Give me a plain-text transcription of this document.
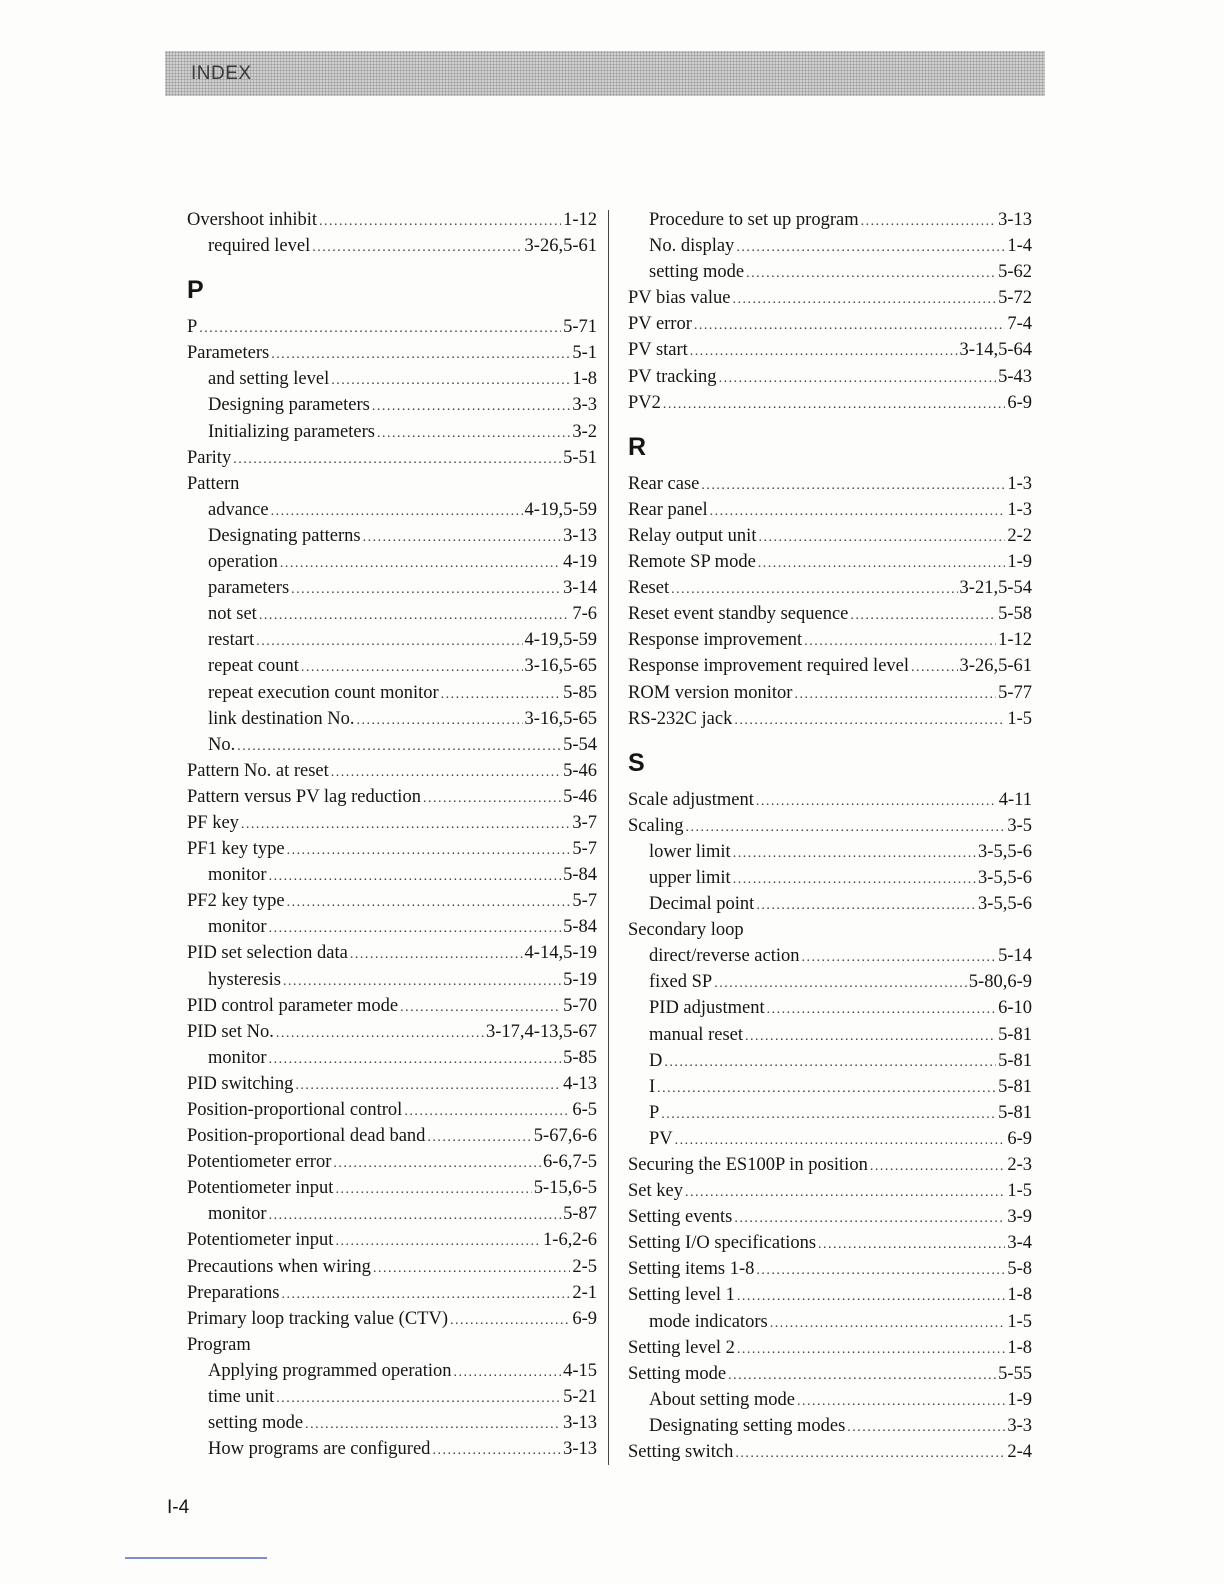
INDEX
Overshoot inhibit .....	1-12
required level .....	3-26,5-61
P
P .....	5-71
Parameters .....	5-1
and setting level .....	1-8
Designing parameters .....	3-3
Initializing parameters .....	3-2
Parity .....	5-51
Pattern
advance .....	4-19,5-59
Designating patterns .....	3-13
operation .....	4-19
parameters .....	3-14
not set .....	7-6
restart .....	4-19,5-59
repeat count .....	3-16,5-65
repeat execution count monitor .....	5-85
link destination No. .....	3-16,5-65
No. .....	5-54
Pattern No. at reset .....	5-46
Pattern versus PV lag reduction .....	5-46
PF key .....	3-7
PF1 key type .....	5-7
monitor .....	5-84
PF2 key type .....	5-7
monitor .....	5-84
PID set selection data .....	4-14,5-19
hysteresis .....	5-19
PID control parameter mode .....	5-70
PID set No. .....	3-17,4-13,5-67
monitor .....	5-85
PID switching .....	4-13
Position-proportional control .....	6-5
Position-proportional dead band .....	5-67,6-6
Potentiometer error .....	6-6,7-5
Potentiometer input .....	5-15,6-5
monitor .....	5-87
Potentiometer input .....	1-6,2-6
Precautions when wiring .....	2-5
Preparations .....	2-1
Primary loop tracking value (CTV) .....	6-9
Program
Applying programmed operation .....	4-15
time unit .....	5-21
setting mode .....	3-13
How programs are configured .....	3-13
Procedure to set up program .....	3-13
No. display .....	1-4
setting mode .....	5-62
PV bias value .....	5-72
PV error .....	7-4
PV start .....	3-14,5-64
PV tracking .....	5-43
PV2 .....	6-9
R
Rear case .....	1-3
Rear panel .....	1-3
Relay output unit .....	2-2
Remote SP mode .....	1-9
Reset .....	3-21,5-54
Reset event standby sequence .....	5-58
Response improvement .....	1-12
Response improvement required level .....	3-26,5-61
ROM version monitor .....	5-77
RS-232C jack .....	1-5
S
Scale adjustment .....	4-11
Scaling .....	3-5
lower limit .....	3-5,5-6
upper limit .....	3-5,5-6
Decimal point .....	3-5,5-6
Secondary loop
direct/reverse action .....	5-14
fixed SP .....	5-80,6-9
PID adjustment .....	6-10
manual reset .....	5-81
D .....	5-81
I .....	5-81
P .....	5-81
PV .....	6-9
Securing the ES100P in position .....	2-3
Set key .....	1-5
Setting events .....	3-9
Setting I/O specifications .....	3-4
Setting items 1-8 .....	5-8
Setting level 1 .....	1-8
mode indicators .....	1-5
Setting level 2 .....	1-8
Setting mode .....	5-55
About setting mode .....	1-9
Designating setting modes .....	3-3
Setting switch .....	2-4
I-4
